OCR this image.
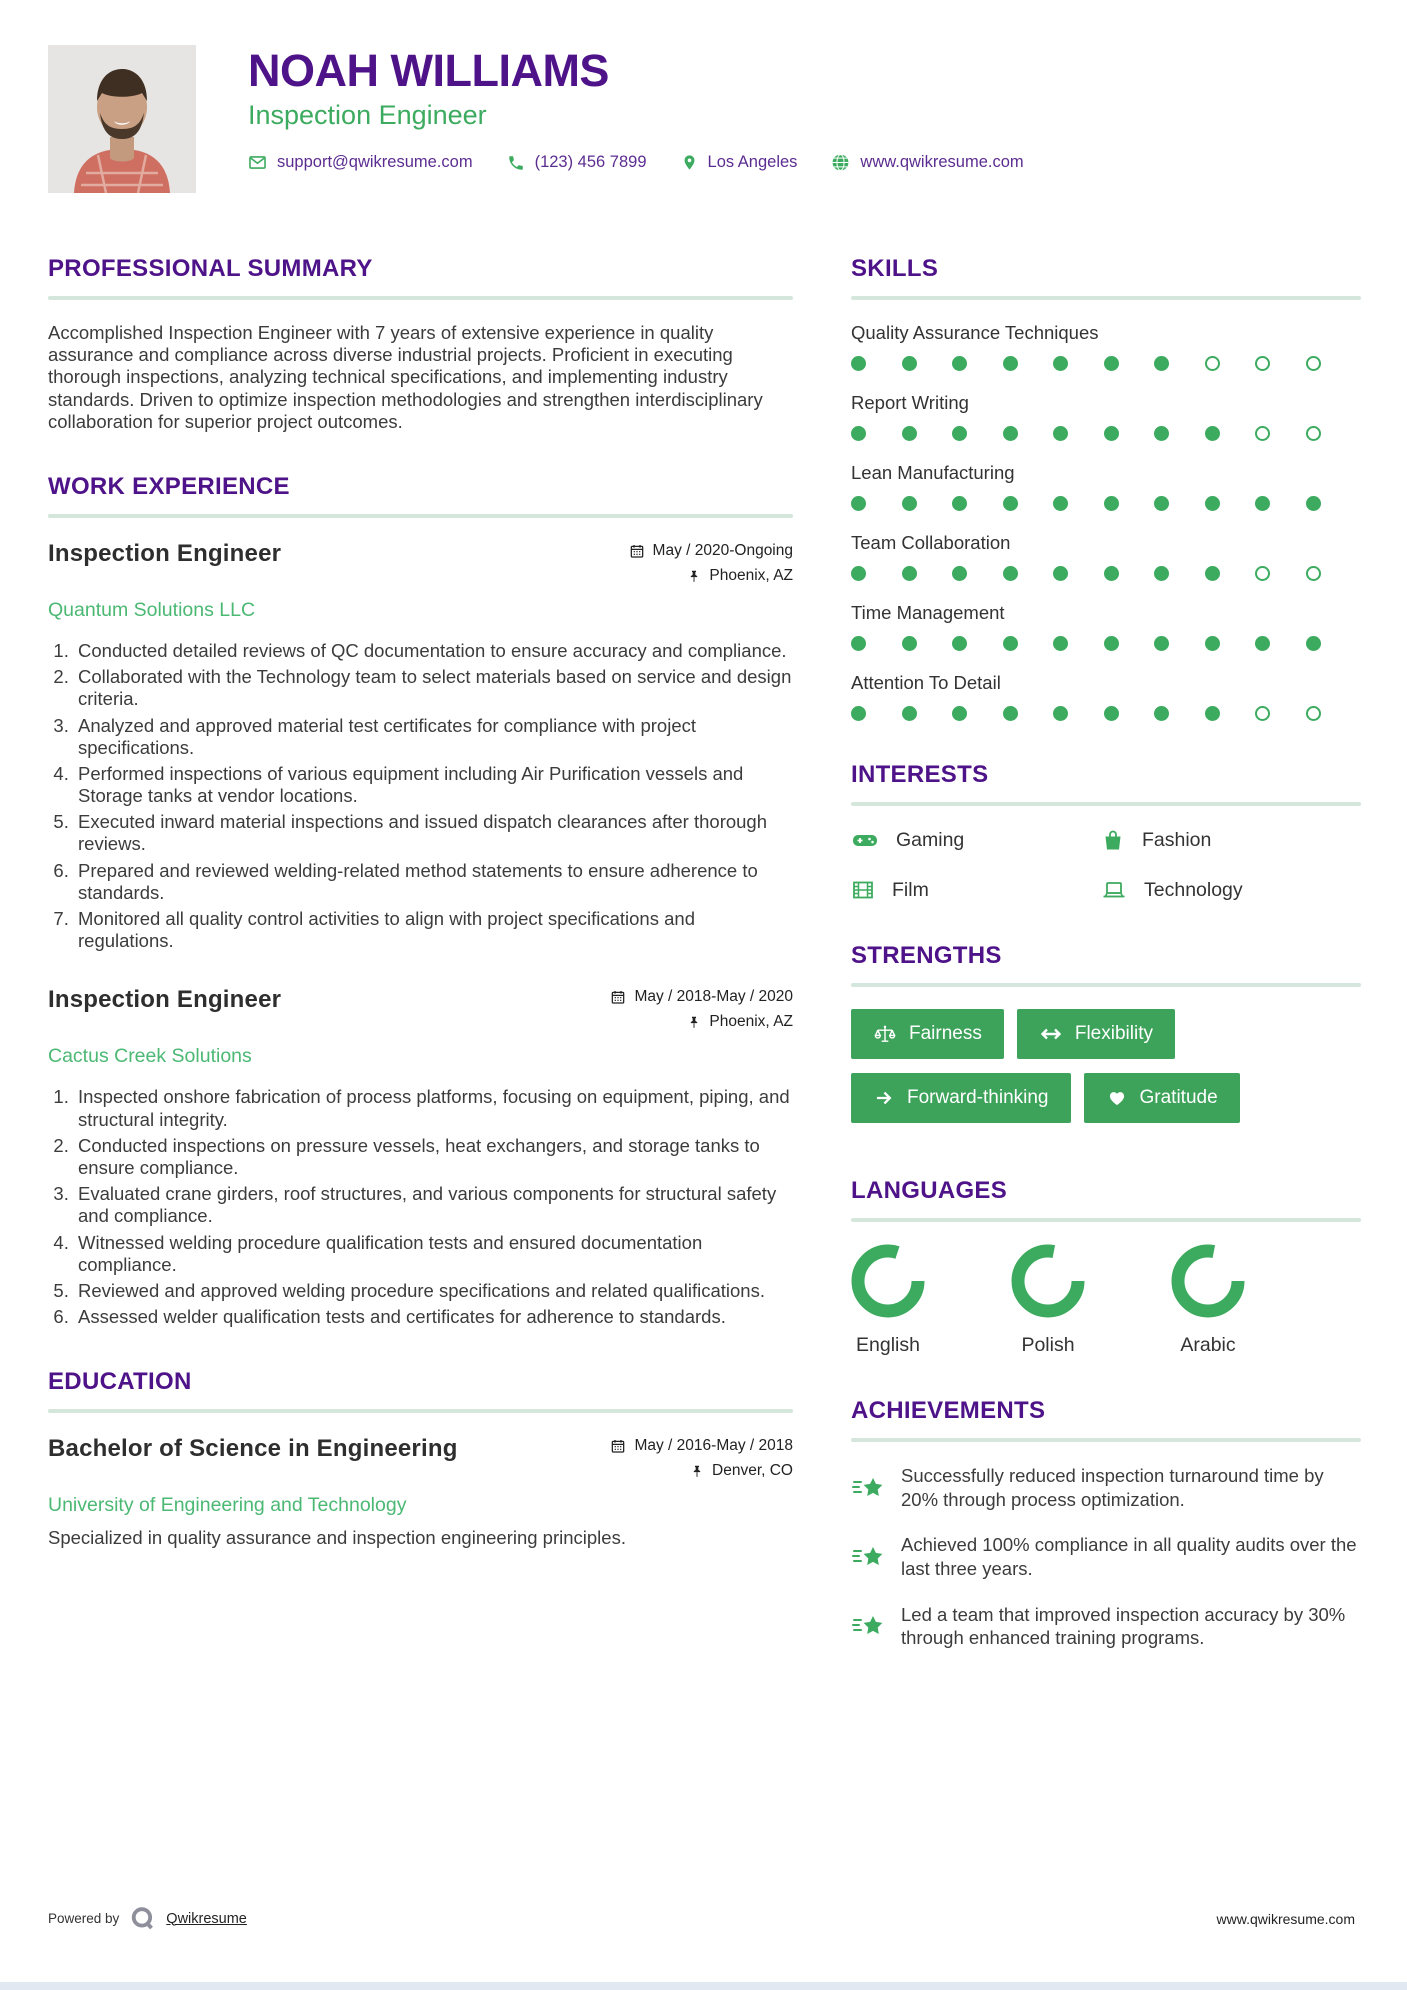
NOAH WILLIAMS
Inspection Engineer
support@qwikresume.com	(123) 456 7899	Los Angeles	www.qwikresume.com
PROFESSIONAL SUMMARY

Accomplished Inspection Engineer with 7 years of extensive experience in quality assurance and compliance across diverse industrial projects. Proficient in executing thorough inspections, analyzing technical specifications, and implementing industry standards. Driven to optimize inspection methodologies and strengthen interdisciplinary collaboration for superior project outcomes.

WORK EXPERIENCE
Inspection Engineer	May / 2020-Ongoing
Phoenix, AZ
Quantum Solutions LLC
1. Conducted detailed reviews of QC documentation to ensure accuracy and compliance.
2. Collaborated with the Technology team to select materials based on service and design criteria.
3. Analyzed and approved material test certificates for compliance with project specifications.
4. Performed inspections of various equipment including Air Purification vessels and Storage tanks at vendor locations.
5. Executed inward material inspections and issued dispatch clearances after thorough reviews.
6. Prepared and reviewed welding-related method statements to ensure adherence to standards.
7. Monitored all quality control activities to align with project specifications and regulations.
Inspection Engineer	May / 2018-May / 2020
Phoenix, AZ
Cactus Creek Solutions
1. Inspected onshore fabrication of process platforms, focusing on equipment, piping, and structural integrity.
2. Conducted inspections on pressure vessels, heat exchangers, and storage tanks to ensure compliance.
3. Evaluated crane girders, roof structures, and various components for structural safety and compliance.
4. Witnessed welding procedure qualification tests and ensured documentation compliance.
5. Reviewed and approved welding procedure specifications and related qualifications.
6. Assessed welder qualification tests and certificates for adherence to standards.
EDUCATION
Bachelor of Science in Engineering	May / 2016-May / 2018
Denver, CO
University of Engineering and Technology

Specialized in quality assurance and inspection engineering principles.

SKILLS
Quality Assurance Techniques
Report Writing
Lean Manufacturing
Team Collaboration
Time Management
Attention To Detail
INTERESTS
Gaming	Fashion
Film	Technology
STRENGTHS
Fairness	Flexibility
Forward-thinking	Gratitude
LANGUAGES
English	Polish	Arabic
ACHIEVEMENTS

Successfully reduced inspection turnaround time by 20% through process optimization.

Achieved 100% compliance in all quality audits over the last three years.

Led a team that improved inspection accuracy by 30% through enhanced training programs.

Powered by	Qwikresume	www.qwikresume.com
